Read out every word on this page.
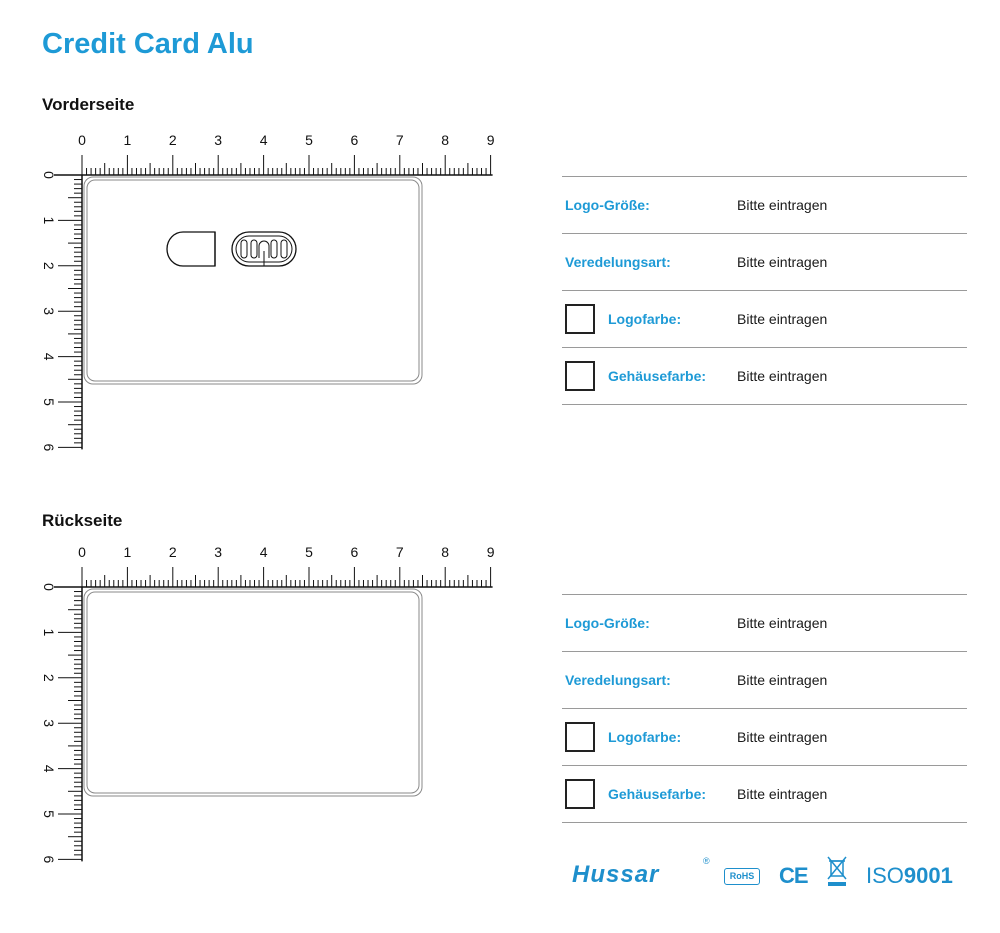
Credit Card Alu
Vorderseite
0	1	2	3	4	5	6	7	8	9
0
1
2
3
4
5
6
Rückseite
0	1	2	3	4	5	6	7	8	9
0
1
2
3
4
5
6
Logo-Größe:	Bitte eintragen
Veredelungsart:	Bitte eintragen
Logofarbe:	Bitte eintragen
Gehäusefarbe: Bitte eintragen
Logo-Größe:	Bitte eintragen
Veredelungsart:	Bitte eintragen
Logofarbe:	Bitte eintragen
Gehäusefarbe: Bitte eintragen
Hussar	®
RoHS CE	ISO9001
